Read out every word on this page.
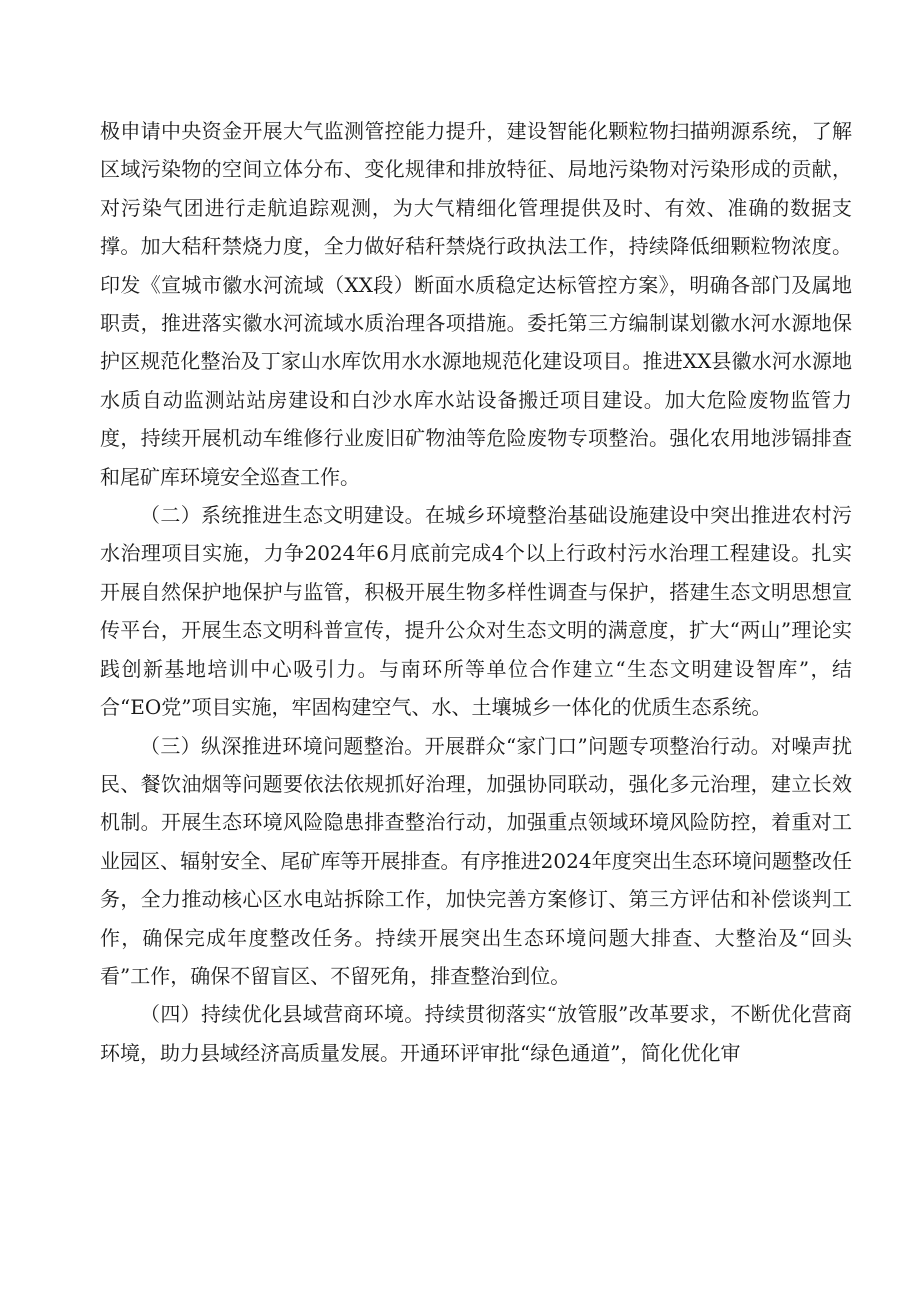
极申请中央资金开展大气监测管控能力提升，建设智能化颗粒物扫描朔源系统，了解区域污染物的空间立体分布、变化规律和排放特征、局地污染物对污染形成的贡献，对污染气团进行走航追踪观测，为大气精细化管理提供及时、有效、准确的数据支撑。加大秸秆禁烧力度，全力做好秸秆禁烧行政执法工作，持续降低细颗粒物浓度。印发《宣城市徽水河流域（XX段）断面水质稳定达标管控方案》，明确各部门及属地职责，推进落实徽水河流域水质治理各项措施。委托第三方编制谋划徽水河水源地保护区规范化整治及丁家山水库饮用水水源地规范化建设项目。推进XX县徽水河水源地水质自动监测站站房建设和白沙水库水站设备搬迁项目建设。加大危险废物监管力度，持续开展机动车维修行业废旧矿物油等危险废物专项整治。强化农用地涉镉排查和尾矿库环境安全巡查工作。

（二）系统推进生态文明建设。在城乡环境整治基础设施建设中突出推进农村污水治理项目实施，力争2024年6月底前完成4个以上行政村污水治理工程建设。扎实开展自然保护地保护与监管，积极开展生物多样性调查与保护，搭建生态文明思想宣传平台，开展生态文明科普宣传，提升公众对生态文明的满意度，扩大“两山”理论实践创新基地培训中心吸引力。与南环所等单位合作建立“生态文明建设智库”，结合“EO党”项目实施，牢固构建空气、水、土壤城乡一体化的优质生态系统。

（三）纵深推进环境问题整治。开展群众“家门口”问题专项整治行动。对噪声扰民、餐饮油烟等问题要依法依规抓好治理，加强协同联动，强化多元治理，建立长效机制。开展生态环境风险隐患排查整治行动，加强重点领域环境风险防控，着重对工业园区、辐射安全、尾矿库等开展排查。有序推进2024年度突出生态环境问题整改任务，全力推动核心区水电站拆除工作，加快完善方案修订、第三方评估和补偿谈判工作，确保完成年度整改任务。持续开展突出生态环境问题大排查、大整治及“回头看”工作，确保不留盲区、不留死角，排查整治到位。

（四）持续优化县域营商环境。持续贯彻落实“放管服”改革要求，不断优化营商环境，助力县域经济高质量发展。开通环评审批“绿色通道”，简化优化审
